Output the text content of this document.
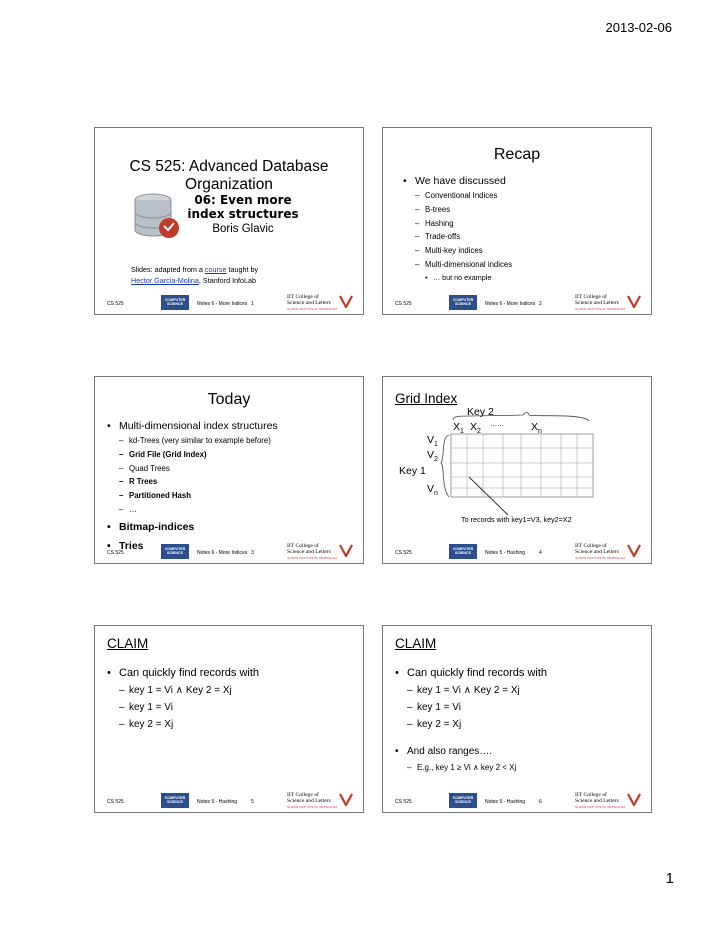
2013-02-06
CS 525: Advanced Database Organization
06: Even more index structures
Boris Glavic
Slides: adapted from a course taught by
Hector Garcia-Molina, Stanford InfoLab
CS 525
COMPUTER SCIENCE	Notes 6 - More Indices 1
IIT College of
Science and Letters
ILLINOIS INSTITUTE OF TECHNOLOGY
Recap
• We have discussed
– Conventional Indices
– B-trees
– Hashing
– Trade-offs
– Multi-key indices
– Multi-dimensional indices
• … but no example
CS 525
COMPUTER SCIENCE	Notes 6 - More Indices 2
IIT College of
Science and Letters
ILLINOIS INSTITUTE OF TECHNOLOGY
Today
• Multi-dimensional index structures
– kd-Trees (very similar to example before)
– Grid File (Grid Index)
– Quad Trees
– R Trees
– Partitioned Hash
– …
• Bitmap-indices
• Tries
CS 525
COMPUTER SCIENCE	Notes 6 - More Indices 3
IIT College of
Science and Letters
ILLINOIS INSTITUTE OF TECHNOLOGY
Grid Index
Key 2
$X_1$ $X_2$
……	$X_n$
$V_1$
$V_2$
Key 1
$V_n$
To records with key1=V3, key2=X2
CS 525
COMPUTER SCIENCE	Notes 5 - Hashing	4
IIT College of
Science and Letters
ILLINOIS INSTITUTE OF TECHNOLOGY
CLAIM
• Can quickly find records with
– key 1 = Vi ∧ Key 2 = Xj
– key 1 = Vi
– key 2 = Xj
CS 525
COMPUTER SCIENCE	Notes 5 - Hashing	5
IIT College of
Science and Letters
ILLINOIS INSTITUTE OF TECHNOLOGY
CLAIM
• Can quickly find records with
– key 1 = Vi ∧ Key 2 = Xj
– key 1 = Vi
– key 2 = Xj
• And also ranges….
– E.g., key 1 ≥ Vi ∧ key 2 < Xj
CS 525
COMPUTER SCIENCE	Notes 5 - Hashing	6
IIT College of
Science and Letters
ILLINOIS INSTITUTE OF TECHNOLOGY
1
